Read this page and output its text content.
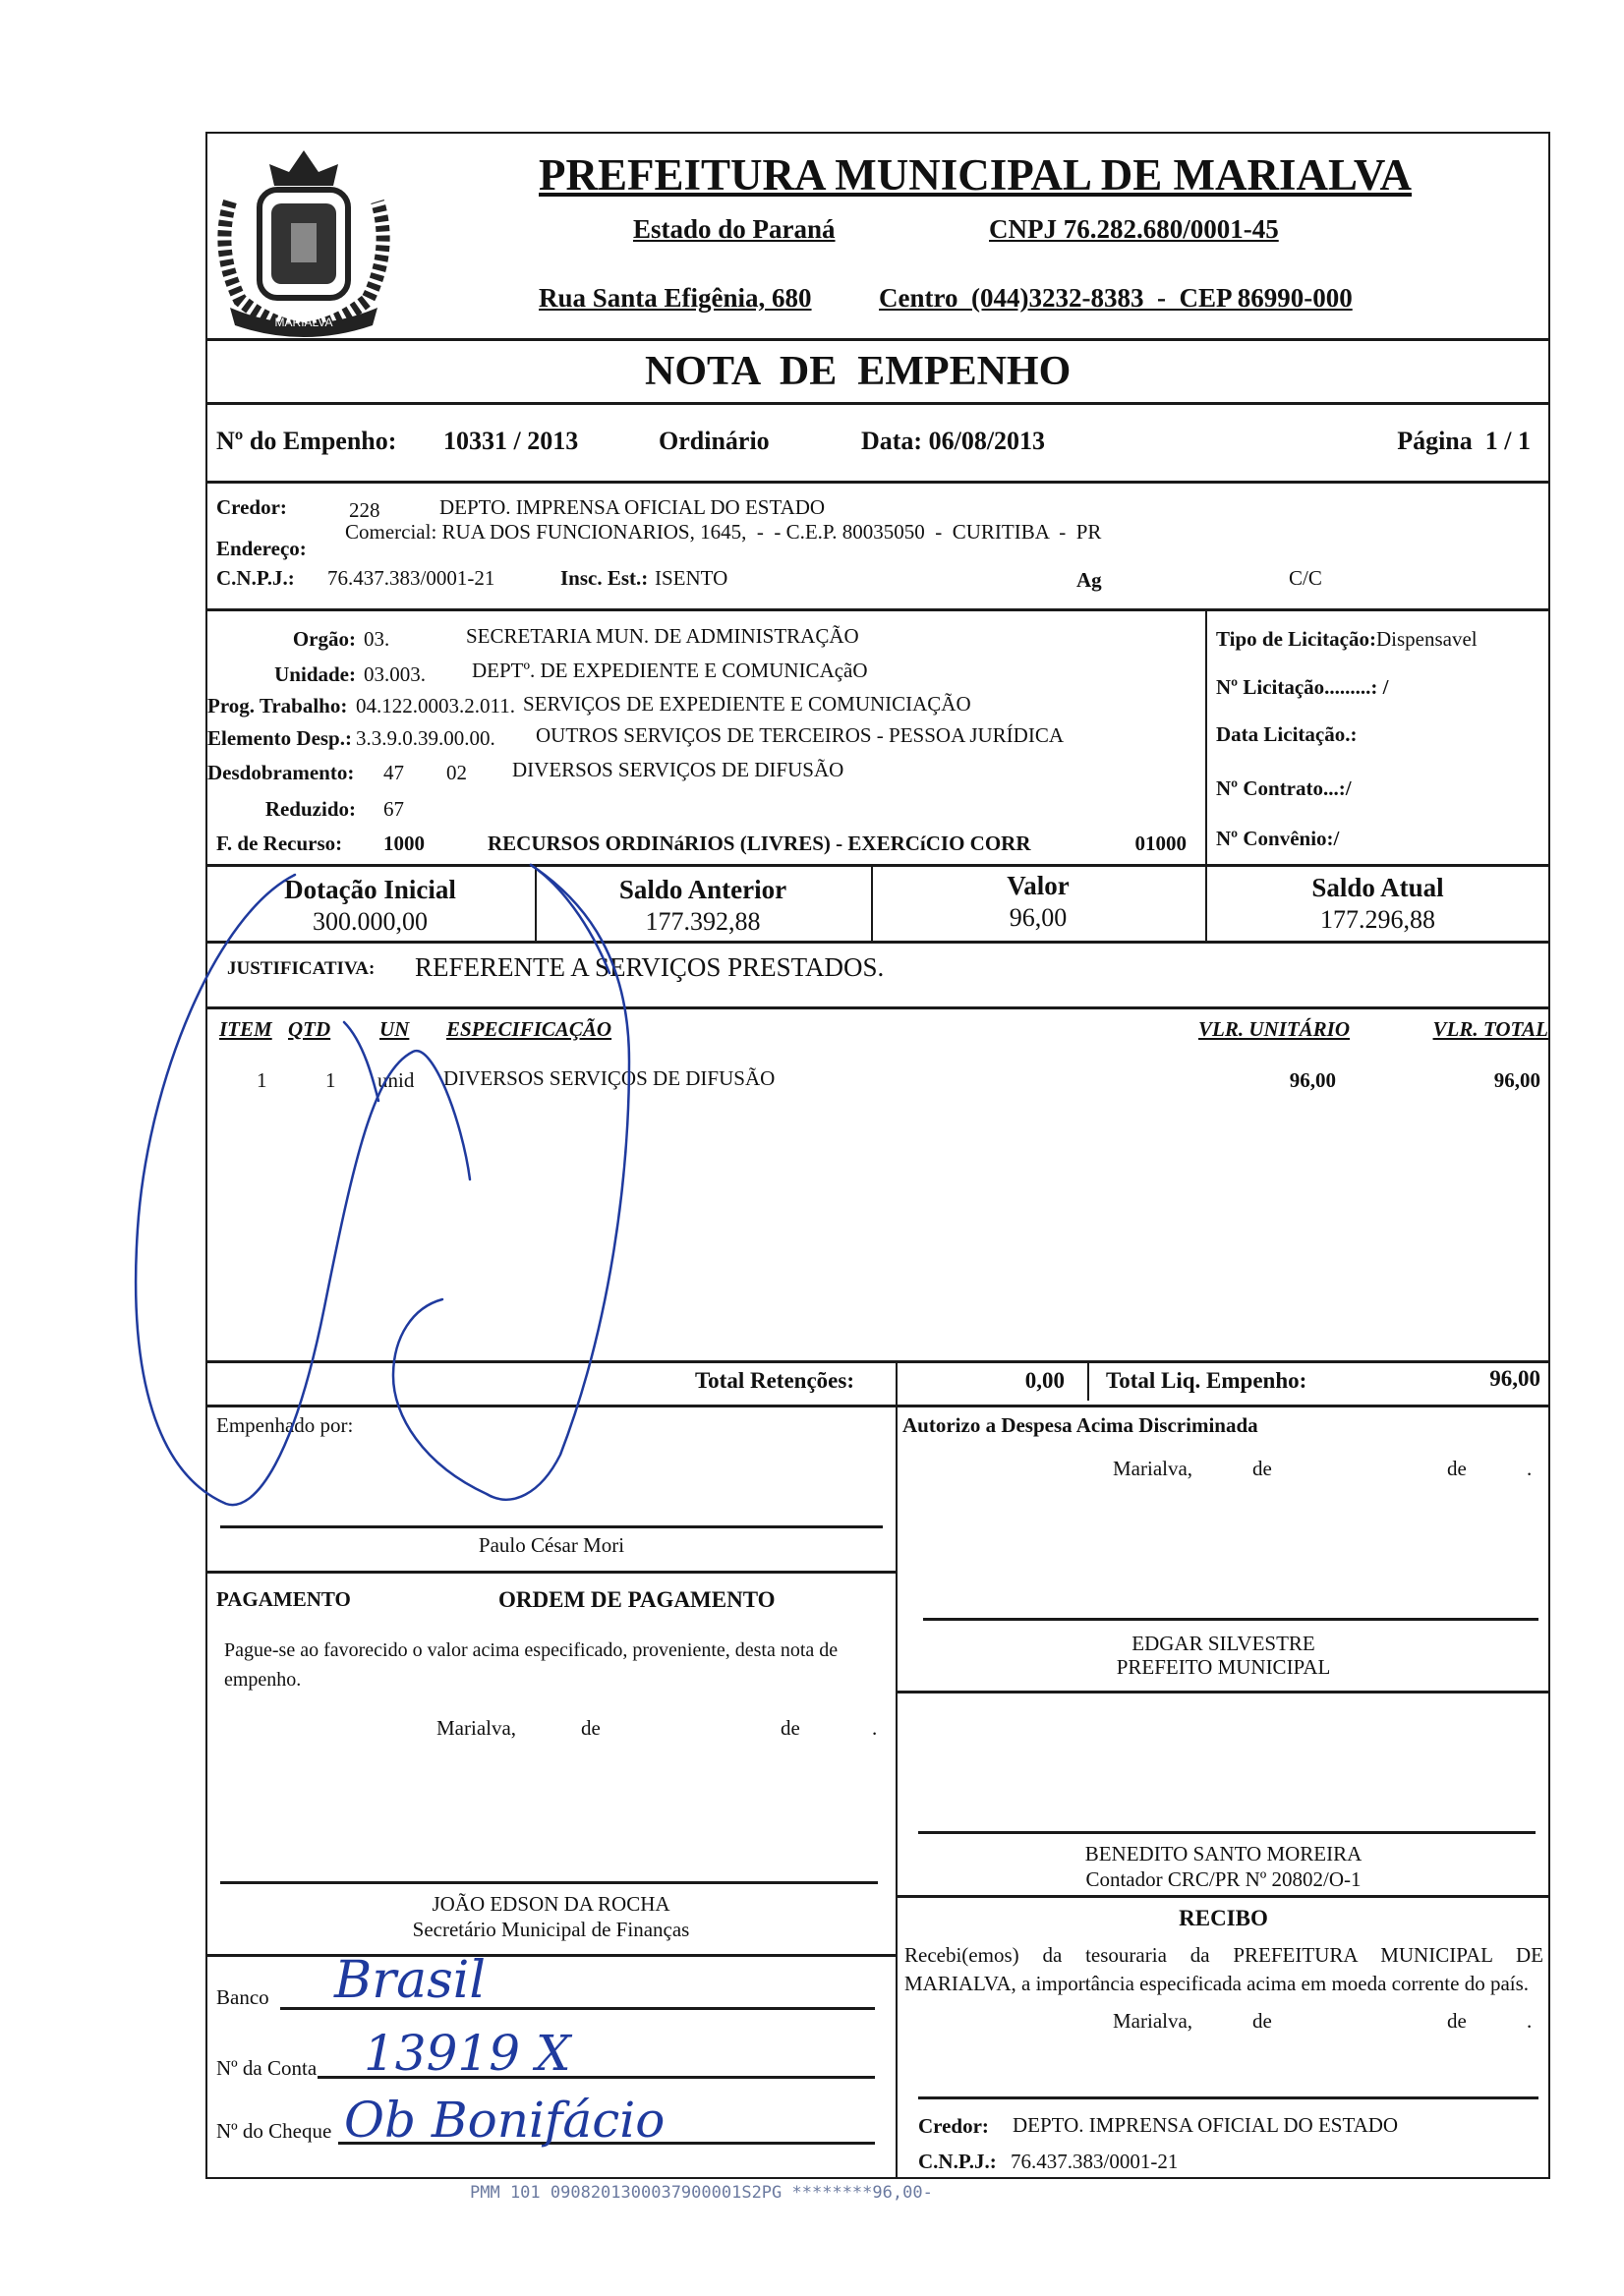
MARIALVA
PREFEITURA MUNICIPAL DE MARIALVA
Estado do Paraná	CNPJ 76.282.680/0001-45
Rua Santa Efigênia, 680	Centro  (044)3232-8383  -  CEP 86990-000
NOTA  DE  EMPENHO
Nº do Empenho: 10331 / 2013	Ordinário	Data: 06/08/2013	Página  1 / 1
Credor:	228	DEPTO. IMPRENSA OFICIAL DO ESTADO
Endereço:
Comercial: RUA DOS FUNCIONARIOS, 1645,  -  - C.E.P. 80035050  -  CURITIBA  -  PR
C.N.P.J.: 76.437.383/0001-21	Insc. Est.: ISENTO	Ag	C/C
Orgão: 03.	SECRETARIA MUN. DE ADMINISTRAÇÃO
Unidade: 03.003. DEPTº. DE EXPEDIENTE E COMUNICAçãO
Prog. Trabalho: 04.122.0003.2.011. SERVIÇOS DE EXPEDIENTE E COMUNICIAÇÃO
Elemento Desp.: 3.3.9.0.39.00.00. OUTROS SERVIÇOS DE TERCEIROS - PESSOA JURÍDICA
Desdobramento: 47 02 DIVERSOS SERVIÇOS DE DIFUSÃO
Reduzido: 67
F. de Recurso: 1000	RECURSOS ORDINáRIOS (LIVRES) - EXERCíCIO CORR	01000
Tipo de Licitação:Dispensavel
Nº Licitação.........: /
Data Licitação.:
Nº Contrato...:/
Nº Convênio:/
Dotação Inicial
300.000,00
Saldo Anterior
177.392,88
Valor
96,00
Saldo Atual
177.296,88
JUSTIFICATIVA: REFERENTE A SERVIÇOS PRESTADOS.
ITEM QTD UN ESPECIFICAÇÃO	VLR. UNITÁRIO	VLR. TOTAL
1	1 unid DIVERSOS SERVIÇOS DE DIFUSÃO	96,00	96,00
Total Retenções:	0,00 Total Liq. Empenho:	96,00
Empenhado por:
Paulo César Mori
Autorizo a Despesa Acima Discriminada
Marialva,	de	de	.
EDGAR SILVESTRE
PREFEITO MUNICIPAL
BENEDITO SANTO MOREIRA
Contador CRC/PR Nº 20802/O-1
RECIBO
Recebi(emos) da tesouraria da PREFEITURA MUNICIPAL DE MARIALVA, a importância especificada acima em moeda corrente do país.
Marialva,	de	de	.
Credor: DEPTO. IMPRENSA OFICIAL DO ESTADO
C.N.P.J.: 76.437.383/0001-21
PAGAMENTO	ORDEM DE PAGAMENTO
Pague-se ao favorecido o valor acima especificado, proveniente, desta nota de empenho.
Marialva,	de	de	.
JOÃO EDSON DA ROCHA
Secretário Municipal de Finanças
Banco Brasil
Nº da Conta 13919 X
Nº do Cheque Ob Bonifácio
PMM 101 0908201300037900001S2PG ********96,00-
